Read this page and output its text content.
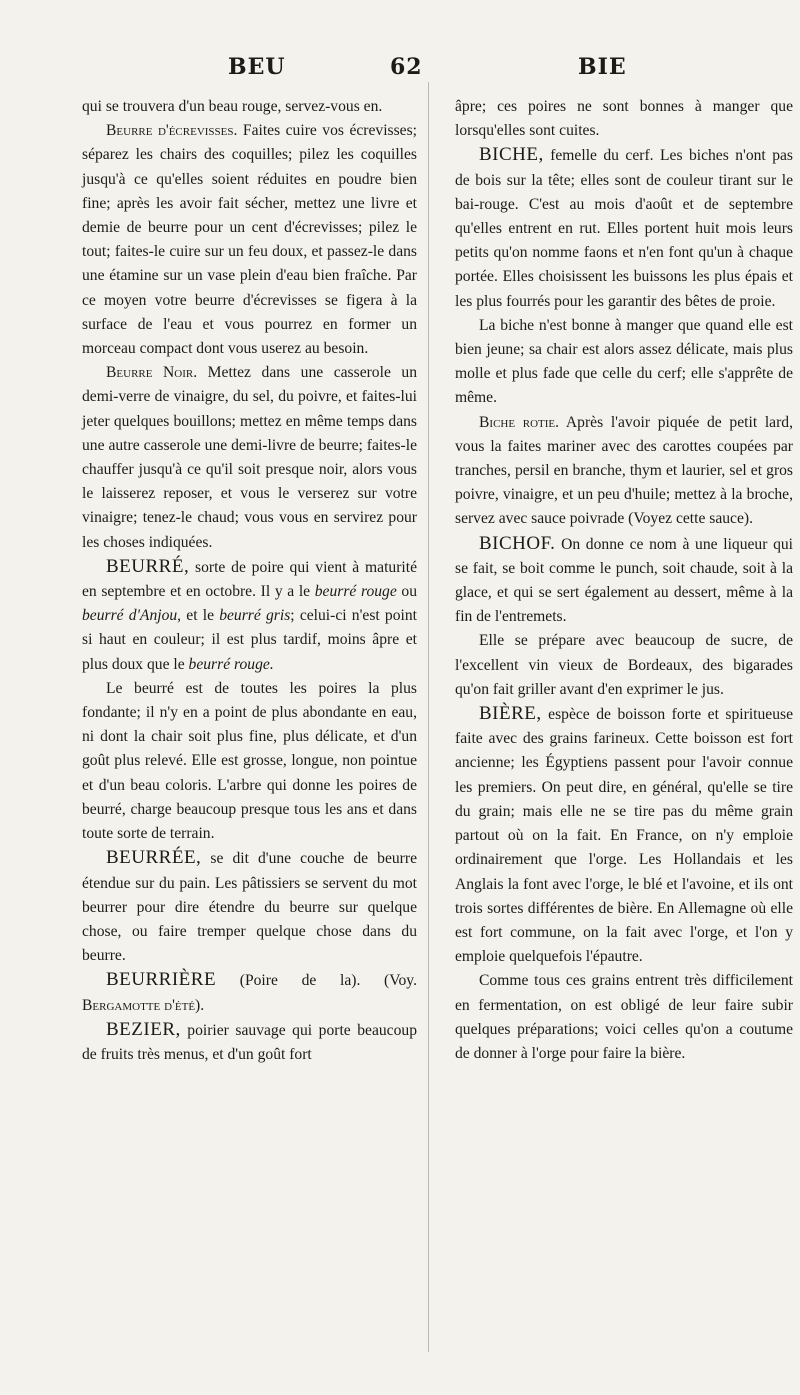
BEU	62	BIE

qui se trouvera d'un beau rouge, servez-vous en.

Beurre d'écrevisses. Faites cuire vos écrevisses; séparez les chairs des coquilles; pilez les coquilles jusqu'à ce qu'elles soient réduites en poudre bien fine; après les avoir fait sécher, mettez une livre et demie de beurre pour un cent d'écrevisses; pilez le tout; faites-le cuire sur un feu doux, et passez-le dans une étamine sur un vase plein d'eau bien fraîche. Par ce moyen votre beurre d'écrevisses se figera à la surface de l'eau et vous pourrez en former un morceau compact dont vous userez au besoin.

Beurre Noir. Mettez dans une casserole un demi-verre de vinaigre, du sel, du poivre, et faites-lui jeter quelques bouillons; mettez en même temps dans une autre casserole une demi-livre de beurre; faites-le chauffer jusqu'à ce qu'il soit presque noir, alors vous le laisserez reposer, et vous le verserez sur votre vinaigre; tenez-le chaud; vous vous en servirez pour les choses indiquées.

BEURRÉ, sorte de poire qui vient à maturité en septembre et en octobre. Il y a le beurré rouge ou beurré d'Anjou, et le beurré gris; celui-ci n'est point si haut en couleur; il est plus tardif, moins âpre et plus doux que le beurré rouge.

Le beurré est de toutes les poires la plus fondante; il n'y en a point de plus abondante en eau, ni dont la chair soit plus fine, plus délicate, et d'un goût plus relevé. Elle est grosse, longue, non pointue et d'un beau coloris. L'arbre qui donne les poires de beurré, charge beaucoup presque tous les ans et dans toute sorte de terrain.

BEURRÉE, se dit d'une couche de beurre étendue sur du pain. Les pâtissiers se servent du mot beurrer pour dire étendre du beurre sur quelque chose, ou faire tremper quelque chose dans du beurre.

BEURRIÈRE (Poire de la). (Voy. Bergamotte d'été).

BEZIER, poirier sauvage qui porte beaucoup de fruits très menus, et d'un goût fort

âpre; ces poires ne sont bonnes à manger que lorsqu'elles sont cuites.

BICHE, femelle du cerf. Les biches n'ont pas de bois sur la tête; elles sont de couleur tirant sur le bai-rouge. C'est au mois d'août et de septembre qu'elles entrent en rut. Elles portent huit mois leurs petits qu'on nomme faons et n'en font qu'un à chaque portée. Elles choisissent les buissons les plus épais et les plus fourrés pour les garantir des bêtes de proie.

La biche n'est bonne à manger que quand elle est bien jeune; sa chair est alors assez délicate, mais plus molle et plus fade que celle du cerf; elle s'apprête de même.

Biche rotie. Après l'avoir piquée de petit lard, vous la faites mariner avec des carottes coupées par tranches, persil en branche, thym et laurier, sel et gros poivre, vinaigre, et un peu d'huile; mettez à la broche, servez avec sauce poivrade (Voyez cette sauce).

BICHOF. On donne ce nom à une liqueur qui se fait, se boit comme le punch, soit chaude, soit à la glace, et qui se sert également au dessert, même à la fin de l'entremets.

Elle se prépare avec beaucoup de sucre, de l'excellent vin vieux de Bordeaux, des bigarades qu'on fait griller avant d'en exprimer le jus.

BIÈRE, espèce de boisson forte et spiritueuse faite avec des grains farineux. Cette boisson est fort ancienne; les Égyptiens passent pour l'avoir connue les premiers. On peut dire, en général, qu'elle se tire du grain; mais elle ne se tire pas du même grain partout où on la fait. En France, on n'y emploie ordinairement que l'orge. Les Hollandais et les Anglais la font avec l'orge, le blé et l'avoine, et ils ont trois sortes différentes de bière. En Allemagne où elle est fort commune, on la fait avec l'orge, et l'on y emploie quelquefois l'épautre.

Comme tous ces grains entrent très difficilement en fermentation, on est obligé de leur faire subir quelques préparations; voici celles qu'on a coutume de donner à l'orge pour faire la bière.
